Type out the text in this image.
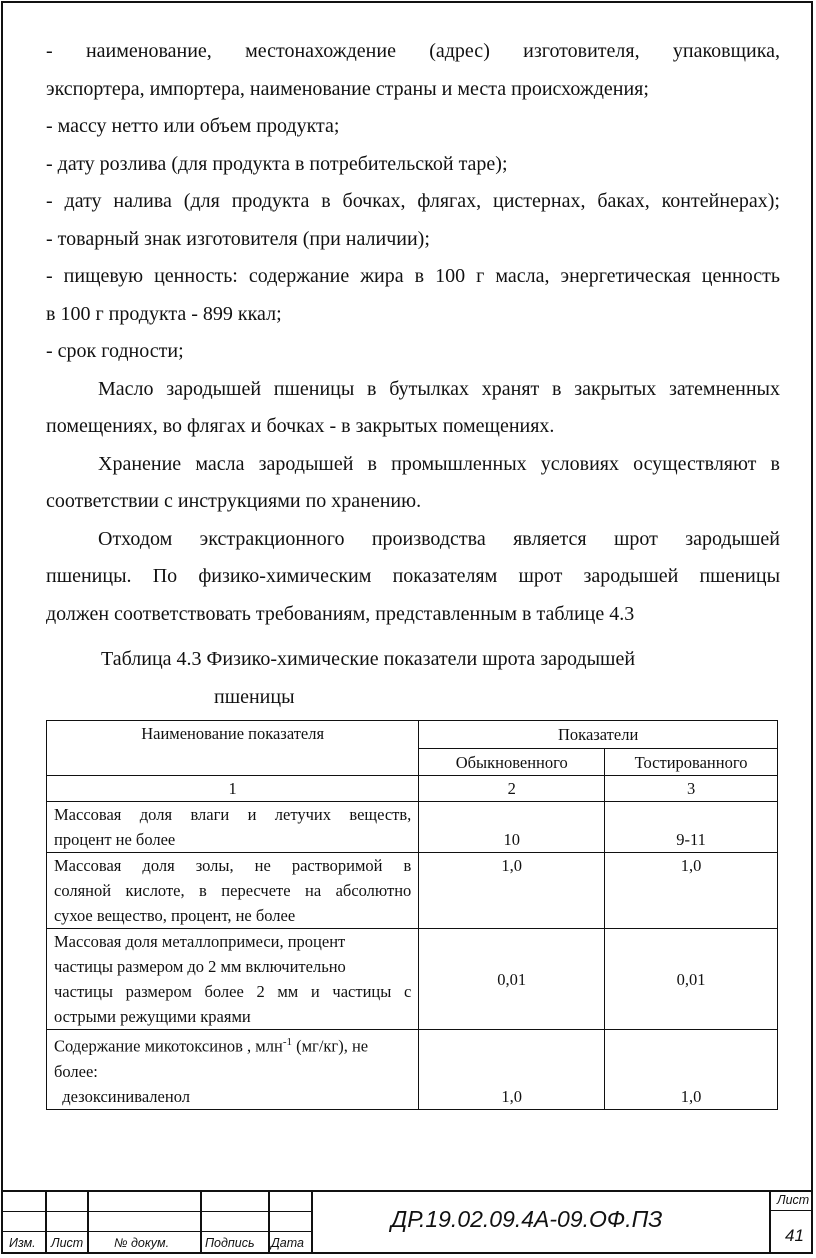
- наименование, местонахождение (адрес) изготовителя, упаковщика,

экспортера, импортера, наименование страны и места происхождения;

- массу нетто или объем продукта;

- дату розлива (для продукта в потребительской таре);

- дату налива (для продукта в бочках, флягах, цистернах, баках, контейнерах);

- товарный знак изготовителя (при наличии);

- пищевую ценность: содержание жира в 100 г масла, энергетическая ценность

в 100 г продукта - 899 ккал;

- срок годности;

Масло зародышей пшеницы в бутылках хранят в закрытых затемненных

помещениях, во флягах и бочках - в закрытых помещениях.

Хранение масла зародышей в промышленных условиях осуществляют в

соответствии с инструкциями по хранению.

Отходом экстракционного производства является шрот зародышей

пшеницы. По физико-химическим показателям шрот зародышей пшеницы

должен соответствовать требованиям, представленным в таблице 4.3

Таблица 4.3 Физико-химические показатели шрота зародышей
пшеницы
Наименование показателя	Показатели	
	Обыкновенного	Тостированного
1	2	3

Массовая доля влаги и летучих веществ,
процент не более	10	9-11

Массовая доля золы, не растворимой в
соляной кислоте, в пересчете на абсолютно
сухое вещество, процент, не более	1,0	1,0

Массовая доля металлопримеси, процент
частицы размером до 2 мм включительно
частицы размером более 2 мм и частицы с
острыми режущими краями	0,01	0,01

Содержание микотоксинов , млн$^{-1}$ (мг/кг), не
более:
дезоксиниваленол	1,0	1,0
Изм. Лист № докум.	Подпись Дата
Лист
ДР.19.02.09.4А-09.ОФ.ПЗ
41
